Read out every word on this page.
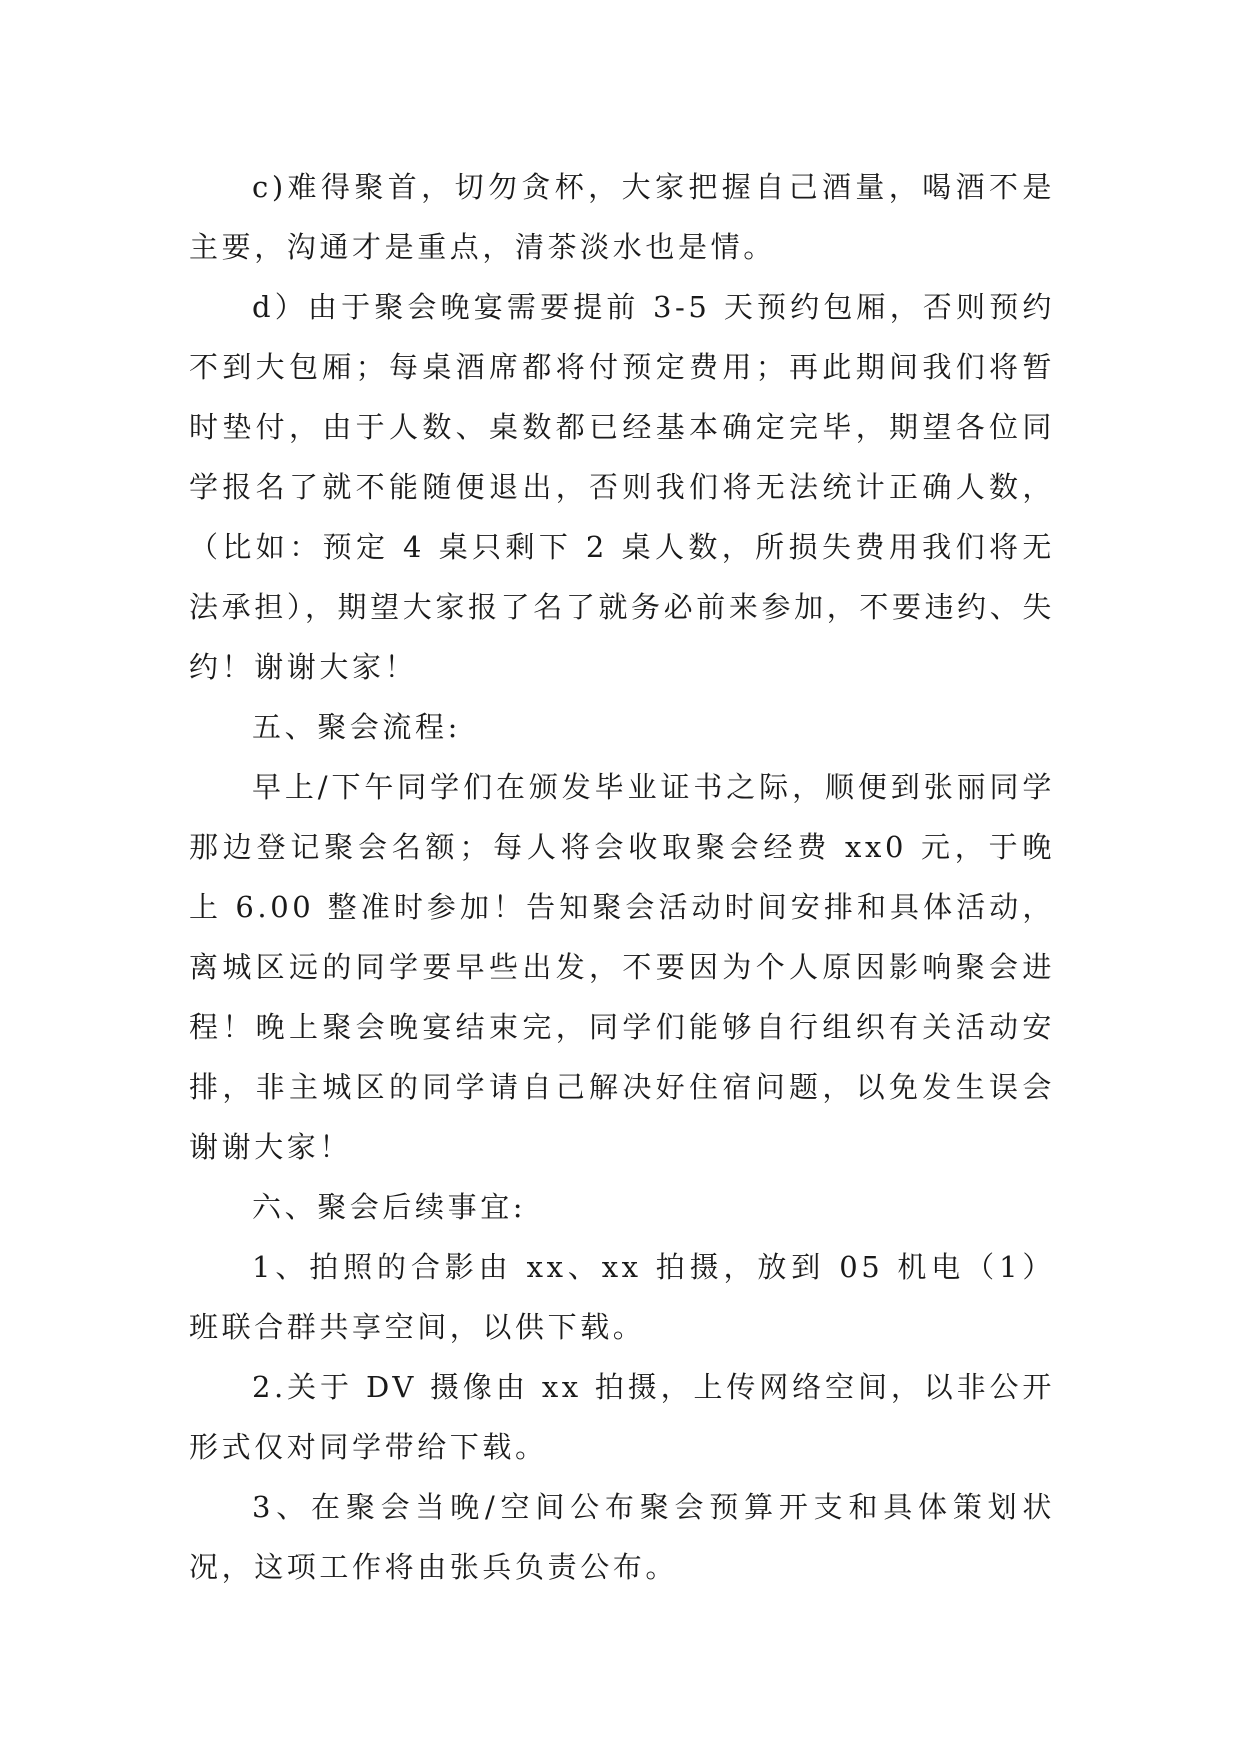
c)难得聚首，切勿贪杯，大家把握自己酒量，喝酒不是主要，沟通才是重点，清茶淡水也是情。

d）由于聚会晚宴需要提前 3-5 天预约包厢，否则预约不到大包厢；每桌酒席都将付预定费用；再此期间我们将暂时垫付，由于人数、桌数都已经基本确定完毕，期望各位同学报名了就不能随便退出，否则我们将无法统计正确人数，（比如：预定 4 桌只剩下 2 桌人数，所损失费用我们将无法承担），期望大家报了名了就务必前来参加，不要违约、失约！谢谢大家！

五、聚会流程:

早上/下午同学们在颁发毕业证书之际，顺便到张丽同学那边登记聚会名额；每人将会收取聚会经费 xx0 元，于晚上 6.00 整准时参加！告知聚会活动时间安排和具体活动，离城区远的同学要早些出发，不要因为个人原因影响聚会进程！晚上聚会晚宴结束完，同学们能够自行组织有关活动安排，非主城区的同学请自己解决好住宿问题，以免发生误会谢谢大家！

六、聚会后续事宜:

1、拍照的合影由 xx、xx 拍摄，放到 05 机电（1）班联合群共享空间，以供下载。

2.关于 DV 摄像由 xx 拍摄，上传网络空间，以非公开形式仅对同学带给下载。

3、在聚会当晚/空间公布聚会预算开支和具体策划状况，这项工作将由张兵负责公布。
